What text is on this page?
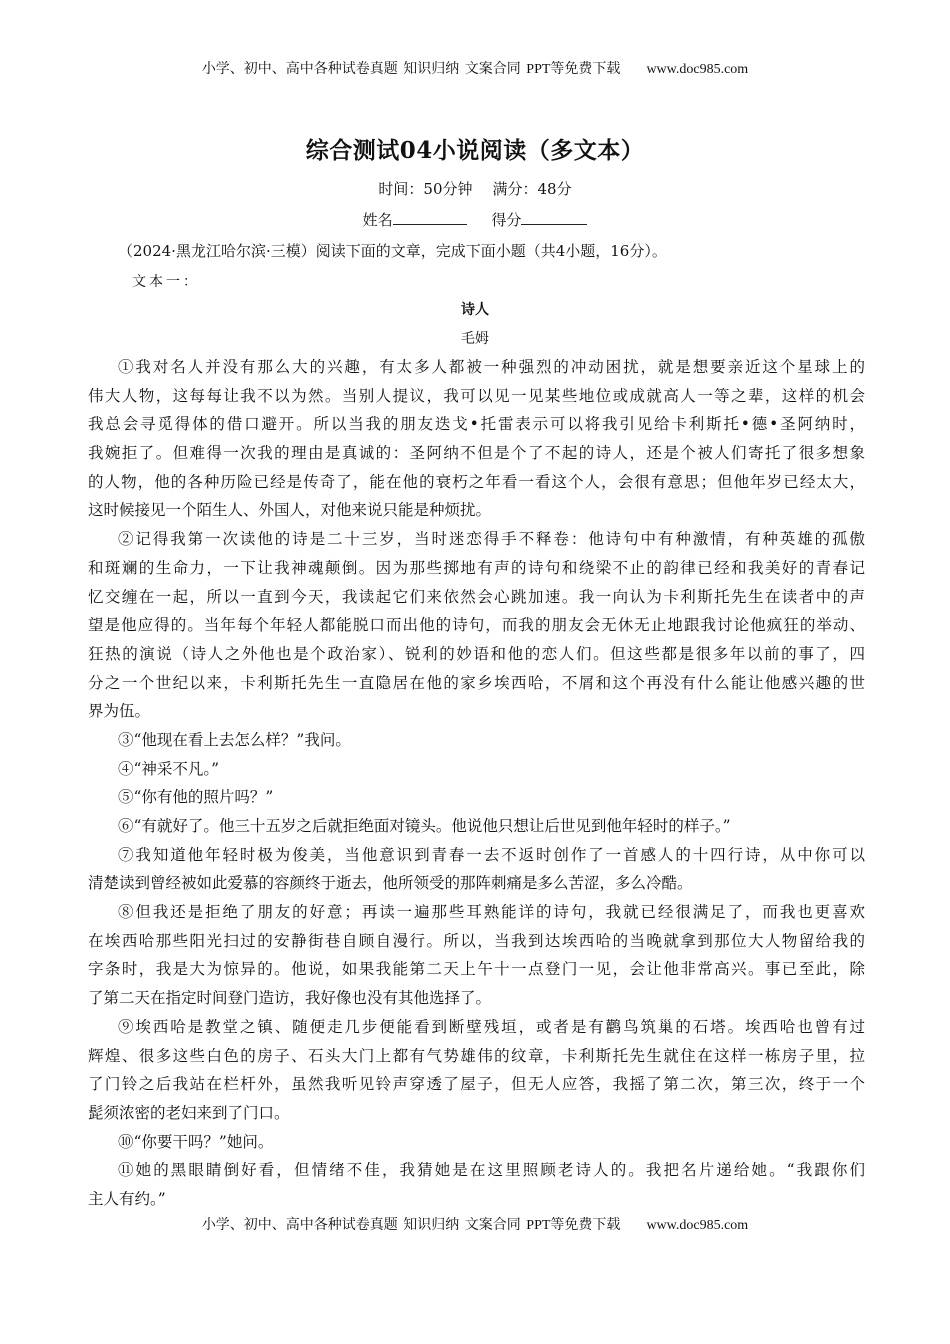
小学、初中、高中各种试卷真题 知识归纳 文案合同 PPT等免费下载 www.doc985.com
综合测试04小说阅读（多文本）
时间：50分钟 满分：48分
姓名	得分
（2024·黑龙江哈尔滨·三模）阅读下面的文章，完成下面小题（共4小题，16分）。
文本一：
诗人
毛姆
①我对名人并没有那么大的兴趣，有太多人都被一种强烈的冲动困扰，就是想要亲近这个星球上的
伟大人物，这每每让我不以为然。当别人提议，我可以见一见某些地位或成就高人一等之辈，这样的机会
我总会寻觅得体的借口避开。所以当我的朋友迭戈•托雷表示可以将我引见给卡利斯托•德•圣阿纳时，
我婉拒了。但难得一次我的理由是真诚的：圣阿纳不但是个了不起的诗人，还是个被人们寄托了很多想象
的人物，他的各种历险已经是传奇了，能在他的衰朽之年看一看这个人，会很有意思；但他年岁已经太大，
这时候接见一个陌生人、外国人，对他来说只能是种烦扰。
②记得我第一次读他的诗是二十三岁，当时迷恋得手不释卷：他诗句中有种激情，有种英雄的孤傲
和斑斓的生命力，一下让我神魂颠倒。因为那些掷地有声的诗句和绕梁不止的韵律已经和我美好的青春记
忆交缠在一起，所以一直到今天，我读起它们来依然会心跳加速。我一向认为卡利斯托先生在读者中的声
望是他应得的。当年每个年轻人都能脱口而出他的诗句，而我的朋友会无休无止地跟我讨论他疯狂的举动、
狂热的演说（诗人之外他也是个政治家）、锐利的妙语和他的恋人们。但这些都是很多年以前的事了，四
分之一个世纪以来，卡利斯托先生一直隐居在他的家乡埃西哈，不屑和这个再没有什么能让他感兴趣的世
界为伍。
③“他现在看上去怎么样？”我问。
④“神采不凡。”
⑤“你有他的照片吗？”
⑥“有就好了。他三十五岁之后就拒绝面对镜头。他说他只想让后世见到他年轻时的样子。”
⑦我知道他年轻时极为俊美，当他意识到青春一去不返时创作了一首感人的十四行诗，从中你可以
清楚读到曾经被如此爱慕的容颜终于逝去，他所领受的那阵刺痛是多么苦涩，多么冷酷。
⑧但我还是拒绝了朋友的好意；再读一遍那些耳熟能详的诗句，我就已经很满足了，而我也更喜欢
在埃西哈那些阳光扫过的安静街巷自顾自漫行。所以，当我到达埃西哈的当晚就拿到那位大人物留给我的
字条时，我是大为惊异的。他说，如果我能第二天上午十一点登门一见，会让他非常高兴。事已至此，除
了第二天在指定时间登门造访，我好像也没有其他选择了。
⑨埃西哈是教堂之镇、随便走几步便能看到断壁残垣，或者是有鹳鸟筑巢的石塔。埃西哈也曾有过
辉煌、很多这些白色的房子、石头大门上都有气势雄伟的纹章，卡利斯托先生就住在这样一栋房子里，拉
了门铃之后我站在栏杆外，虽然我听见铃声穿透了屋子，但无人应答，我摇了第二次，第三次，终于一个
髭须浓密的老妇来到了门口。
⑩“你要干吗？”她问。
⑪她的黑眼睛倒好看，但情绪不佳，我猜她是在这里照顾老诗人的。我把名片递给她。“我跟你们
主人有约。”
小学、初中、高中各种试卷真题 知识归纳 文案合同 PPT等免费下载 www.doc985.com
